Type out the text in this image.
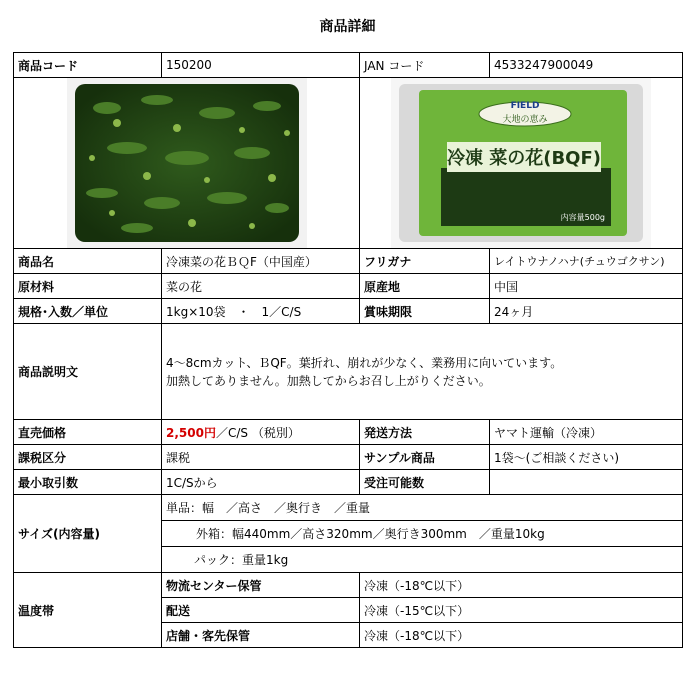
商品詳細
商品コード	150200	JAN コード	4533247900049

FIELD
大地の恵み
冷凍 菜の花(BQF)
内容量500g	

商品名	冷凍菜の花ＢＱF（中国産）	フリガナ	レイトウナノハナ(チュウゴクサン)
原材料	菜の花	原産地	中国
規格･入数／単位	1kg×10袋　・　1／C/S	賞味期限	24ヶ月
商品説明文	4～8cmカット、ＢQF。葉折れ、崩れが少なく、業務用に向いています。
加熱してありません。加熱してからお召し上がりください。		

直売価格	2,500円／C/S （税別）	発送方法	ヤマト運輸（冷凍）
課税区分	課税	サンプル商品	1袋～(ご相談ください)
最小取引数	1C/Sから	受注可能数	
サイズ(内容量)	単品：幅　／高さ　／奥行き　／重量		
	外箱：幅440mm／高さ320mm／奥行き300mm　／重量10kg		
	パック：重量1kg		
温度帯	物流センター保管	冷凍（-18℃以下）	
	配送	冷凍（-15℃以下）	
	店舗・客先保管	冷凍（-18℃以下）	
